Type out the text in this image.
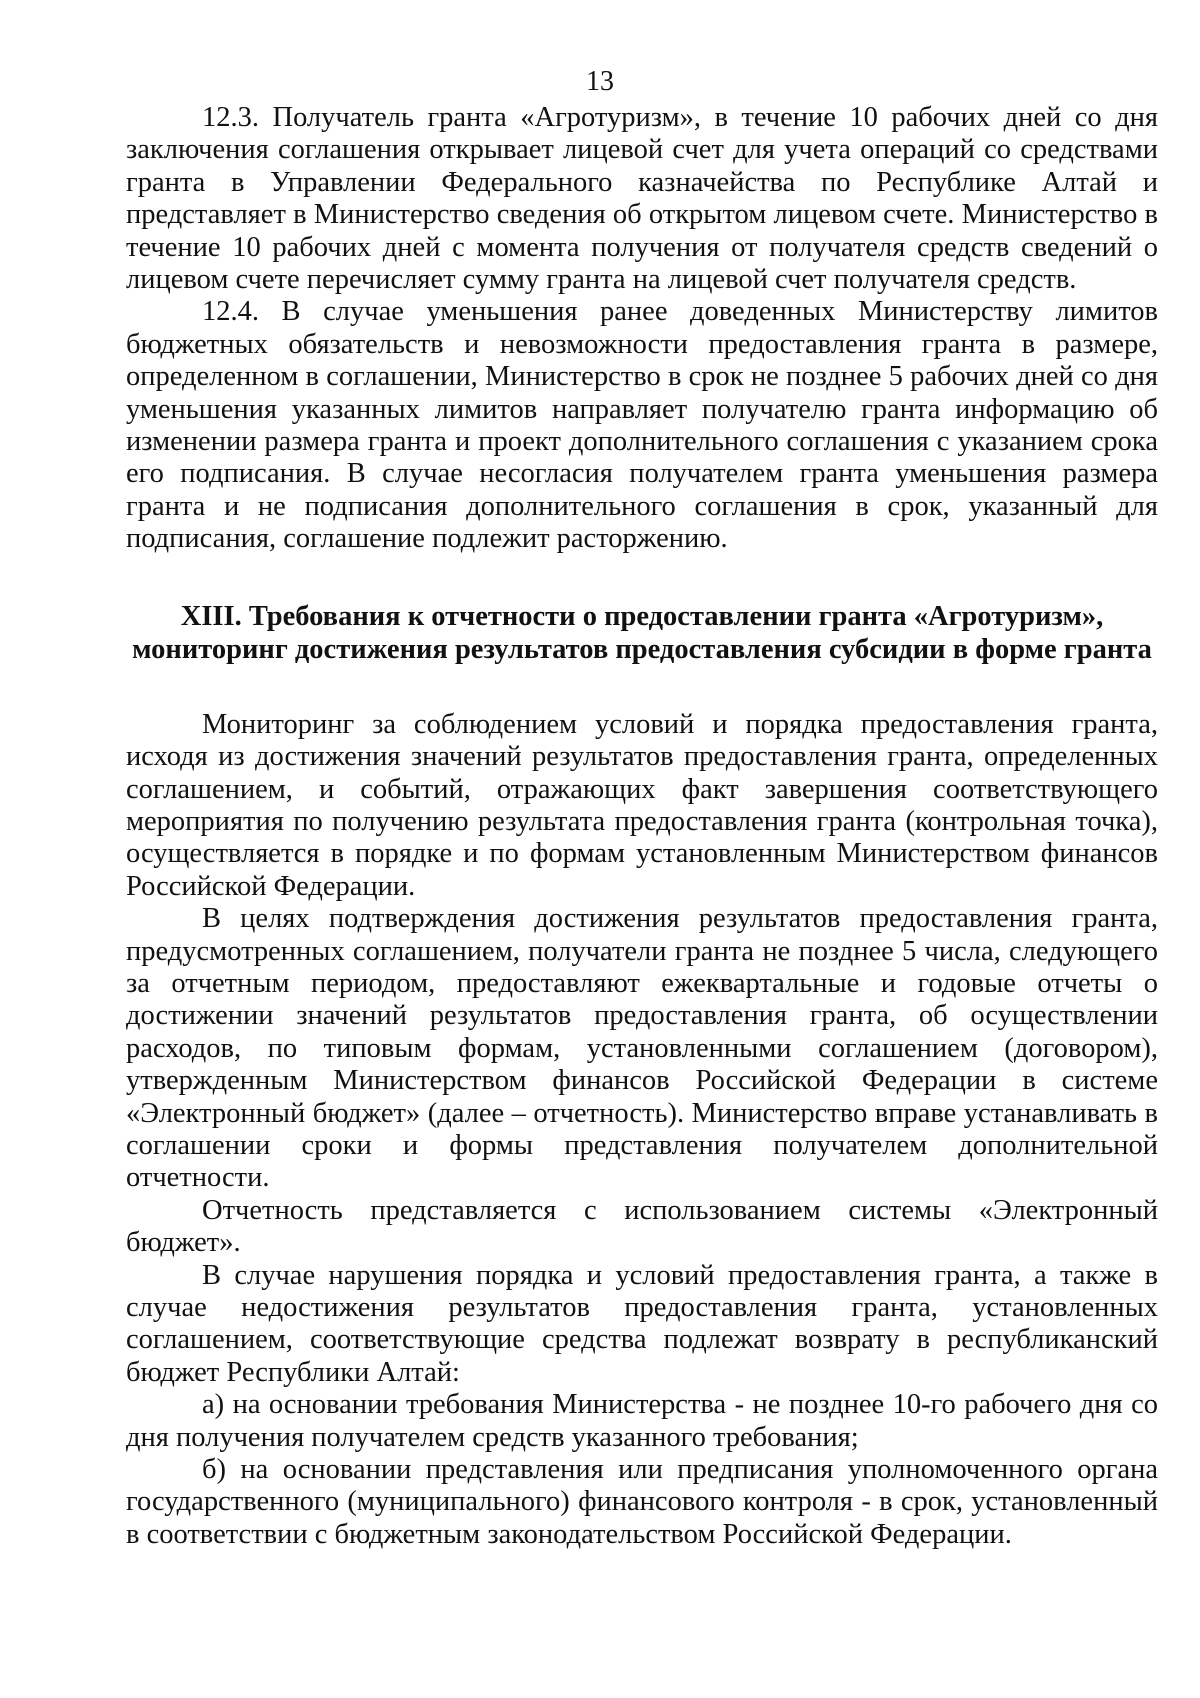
13

12.3. Получатель гранта «Агротуризм», в течение 10 рабочих дней со дня заключения соглашения открывает лицевой счет для учета операций со средствами гранта в Управлении Федерального казначейства по Республике Алтай и представляет в Министерство сведения об открытом лицевом счете. Министерство в течение 10 рабочих дней с момента получения от получателя средств сведений о лицевом счете перечисляет сумму гранта на лицевой счет получателя средств.

12.4. В случае уменьшения ранее доведенных Министерству лимитов бюджетных обязательств и невозможности предоставления гранта в размере, определенном в соглашении, Министерство в срок не позднее 5 рабочих дней со дня уменьшения указанных лимитов направляет получателю гранта информацию об изменении размера гранта и проект дополнительного соглашения с указанием срока его подписания. В случае несогласия получателем гранта уменьшения размера гранта и не подписания дополнительного соглашения в срок, указанный для подписания, соглашение подлежит расторжению.

XIII. Требования к отчетности о предоставлении гранта «Агротуризм»,
мониторинг достижения результатов предоставления субсидии в форме гранта

Мониторинг за соблюдением условий и порядка предоставления гранта, исходя из достижения значений результатов предоставления гранта, определенных соглашением, и событий, отражающих факт завершения соответствующего мероприятия по получению результата предоставления гранта (контрольная точка), осуществляется в порядке и по формам установленным Министерством финансов Российской Федерации.

В целях подтверждения достижения результатов предоставления гранта, предусмотренных соглашением, получатели гранта не позднее 5 числа, следующего за отчетным периодом, предоставляют ежеквартальные и годовые отчеты о достижении значений результатов предоставления гранта, об осуществлении расходов, по типовым формам, установленными соглашением (договором), утвержденным Министерством финансов Российской Федерации в системе «Электронный бюджет» (далее – отчетность). Министерство вправе устанавливать в соглашении сроки и формы представления получателем дополнительной отчетности.

Отчетность представляется с использованием системы «Электронный бюджет».

В случае нарушения порядка и условий предоставления гранта, а также в случае недостижения результатов предоставления гранта, установленных соглашением, соответствующие средства подлежат возврату в республиканский бюджет Республики Алтай:

а) на основании требования Министерства - не позднее 10-го рабочего дня со дня получения получателем средств указанного требования;

б) на основании представления или предписания уполномоченного органа государственного (муниципального) финансового контроля - в срок, установленный в соответствии с бюджетным законодательством Российской Федерации.
